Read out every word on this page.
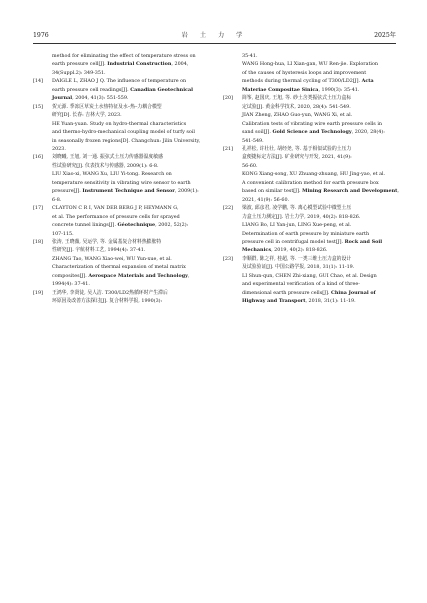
1976	岩 土 力 学	2025年
method for eliminating the effect of temperature stress on
earth pressure cell[J]. Industrial Construction, 2004,
34(Suppl.2): 349-351.
[14] DAIGLE L, ZHAO J Q. The influence of temperature on
earth pressure cell readings[J]. Canadian Geotechnical
Journal, 2004, 41(3): 551-559.
[15] 贺元源. 季冻区草炭土水热特征及水–热–力耦合模型
研究[D]. 长春: 吉林大学, 2023.
HE Yuan-yuan. Study on hydro-thermal characteristics
and thermo-hydro-mechanical coupling model of turfy soil
in seasonally frozen regions[D]. Changchun: Jilin University,
2023.
[16] 刘晓曦, 王旭, 刘一通. 振弦式土压力传感器温度敏感
性试验研究[J]. 仪表技术与传感器, 2009(1): 6-8.
LIU Xiao-xi, WANG Xu, LIU Yi-tong. Research on
temperature sensitivity in vibrating wire sensor to earth
pressure[J]. Instrument Technique and Sensor, 2009(1):
6-8.
[17] CLAYTON C R I, VAN DER BERG J P, HEYMANN G,
et al. The performance of pressure cells for sprayed
concrete tunnel linings[J]. Géotechnique, 2002, 52(2):
107-115.
[18] 张涛, 王晓薇, 吴运学, 等. 金属基复合材料热膨胀特
性研究[J]. 宇航材料工艺, 1994(4): 37-41.
ZHANG Tao, WANG Xiao-wei, WU Yun-xue, et al.
Characterization of thermal expansion of metal matrix
composites[J]. Aerospace Materials and Technology,
1994(4): 37-41.
[19] 王鸿华, 李贤徒, 吴人洁. T300/LD2热循环时产生滞后
环原因及改善方法探讨[J]. 复合材料学报, 1990(3):
35-41.
WANG Hong-hua, LI Xian-gan, WU Ren-jie. Exploration
of the causes of hysteresis loops and improvement
methods during thermal cycling of T300/LD2[J]. Acta
Materiae Compositae Sinica, 1990(3): 35-41.
[20] 简筝, 赵国庆, 王旭, 等. 砂土含类振弦式土压力盒标
定试验[J]. 黄金科学技术, 2020, 28(4): 541-549.
JIAN Zheng, ZHAO Guo-yun, WANG Xi, et al.
Calibration tests of vibrating wire earth pressure cells in
sand soil[J]. Gold Science and Technology, 2020, 28(4):
541-549.
[21] 孔祥松, 许壮壮, 胡经尧, 等. 基于相似试验的土压力
盒便捷标定方法[J]. 矿业研究与开发, 2021, 41(9):
56-60.
KONG Xiang-song, XU Zhuang-zhuang, HU Jing-yao, et al.
A convenient calibration method for earth pressure box
based on similar test[J]. Mining Research and Development,
2021, 41(9): 56-60.
[22] 梁波, 邱彦君, 凌学鹏, 等. 离心模型试验中微型土压
力盒土压力测定[J]. 岩土力学, 2019, 40(2): 818-826.
LIANG Bo, LI Yan-jun, LING Xue-peng, et al.
Determination of earth pressure by miniature earth
pressure cell in centrifugal model test[J]. Rock and Soil
Mechanics, 2019, 40(2): 818-826.
[23] 李顺群, 陈之祥, 桂超, 等. 一类三维土压力盒的设计
及试验验证[J]. 中国公路学报, 2018, 31(1): 11-19.
LI Shun-qun, CHEN Zhi-xiang, GUI Chao, et al. Design
and experimental verification of a kind of three-
dimensional earth pressure cells[J]. China Journal of
Highway and Transport, 2018, 31(1): 11-19.
